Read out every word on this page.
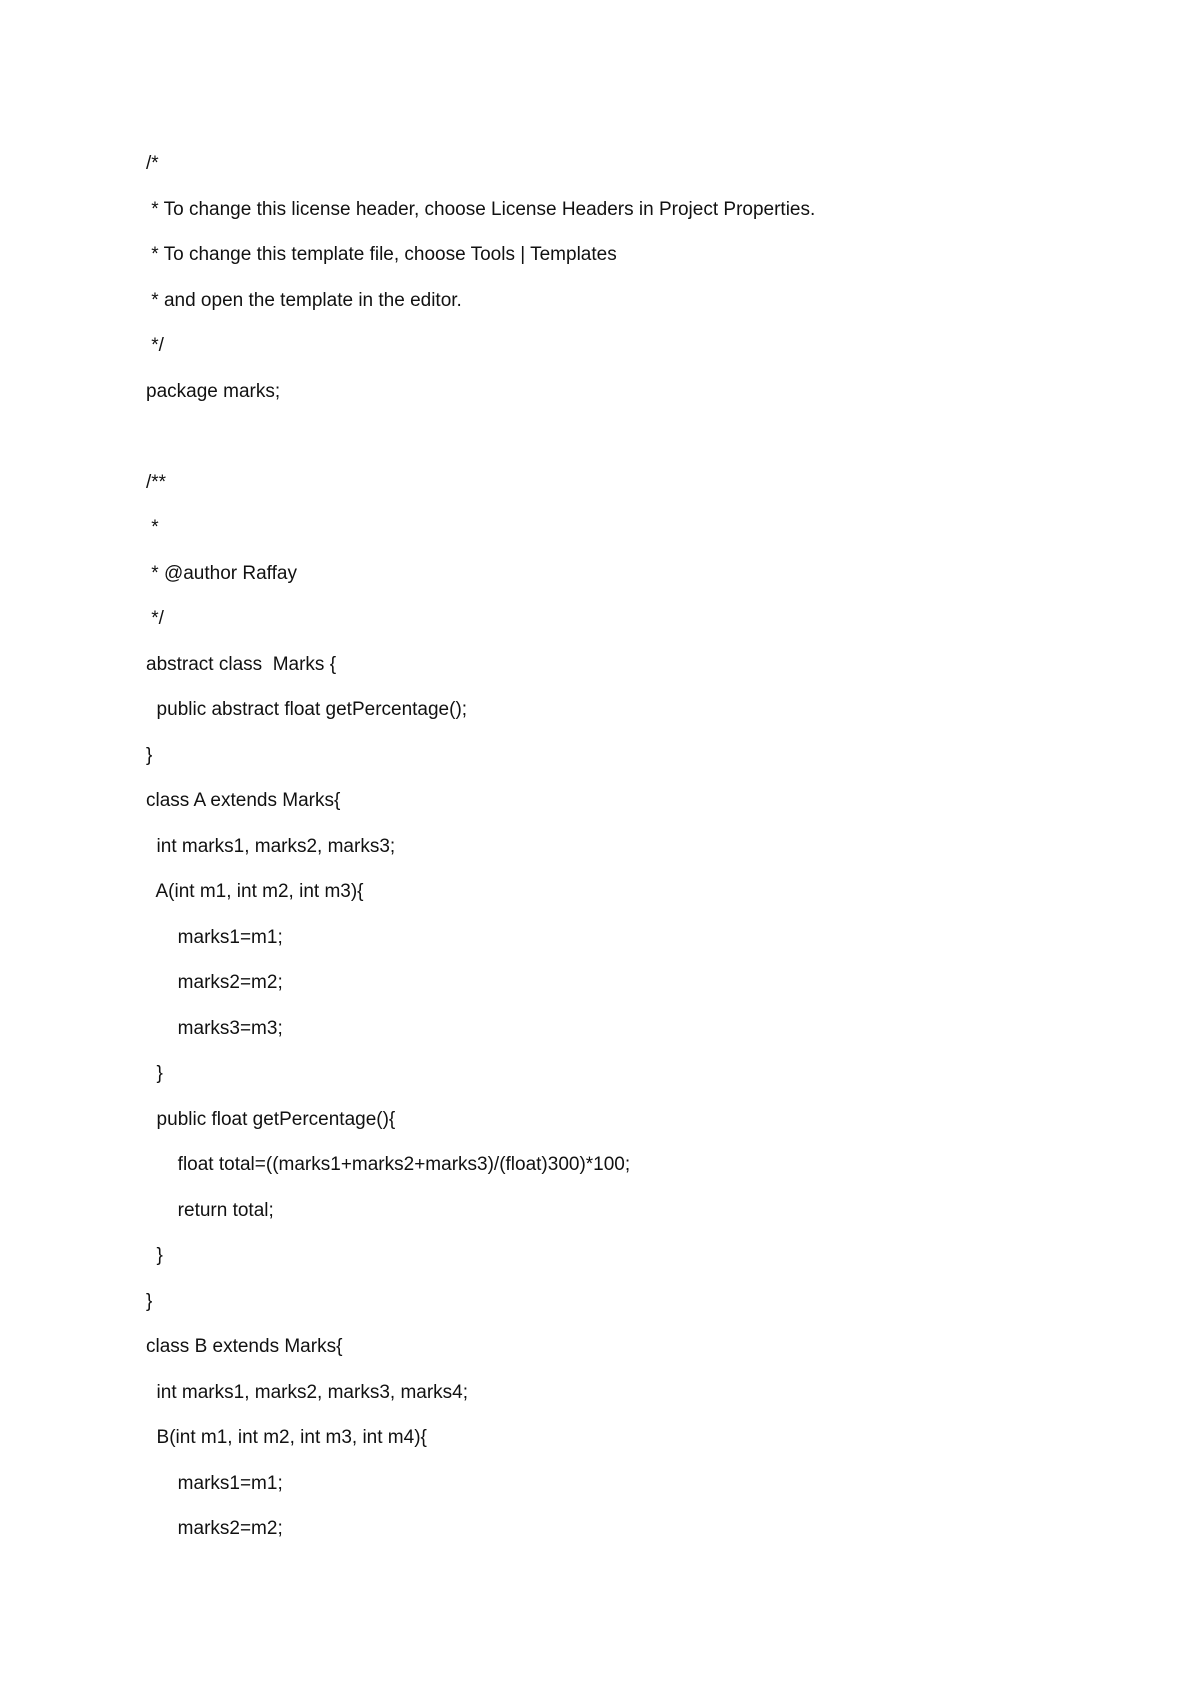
/*
* To change this license header, choose License Headers in Project Properties.
* To change this template file, choose Tools | Templates
* and open the template in the editor.
*/
package marks;
/**
*
* @author Raffay
*/
abstract class  Marks {
public abstract float getPercentage();
}
class A extends Marks{
int marks1, marks2, marks3;
A(int m1, int m2, int m3){
marks1=m1;
marks2=m2;
marks3=m3;
}
public float getPercentage(){
float total=((marks1+marks2+marks3)/(float)300)*100;
return total;
}
}
class B extends Marks{
int marks1, marks2, marks3, marks4;
B(int m1, int m2, int m3, int m4){
marks1=m1;
marks2=m2;
